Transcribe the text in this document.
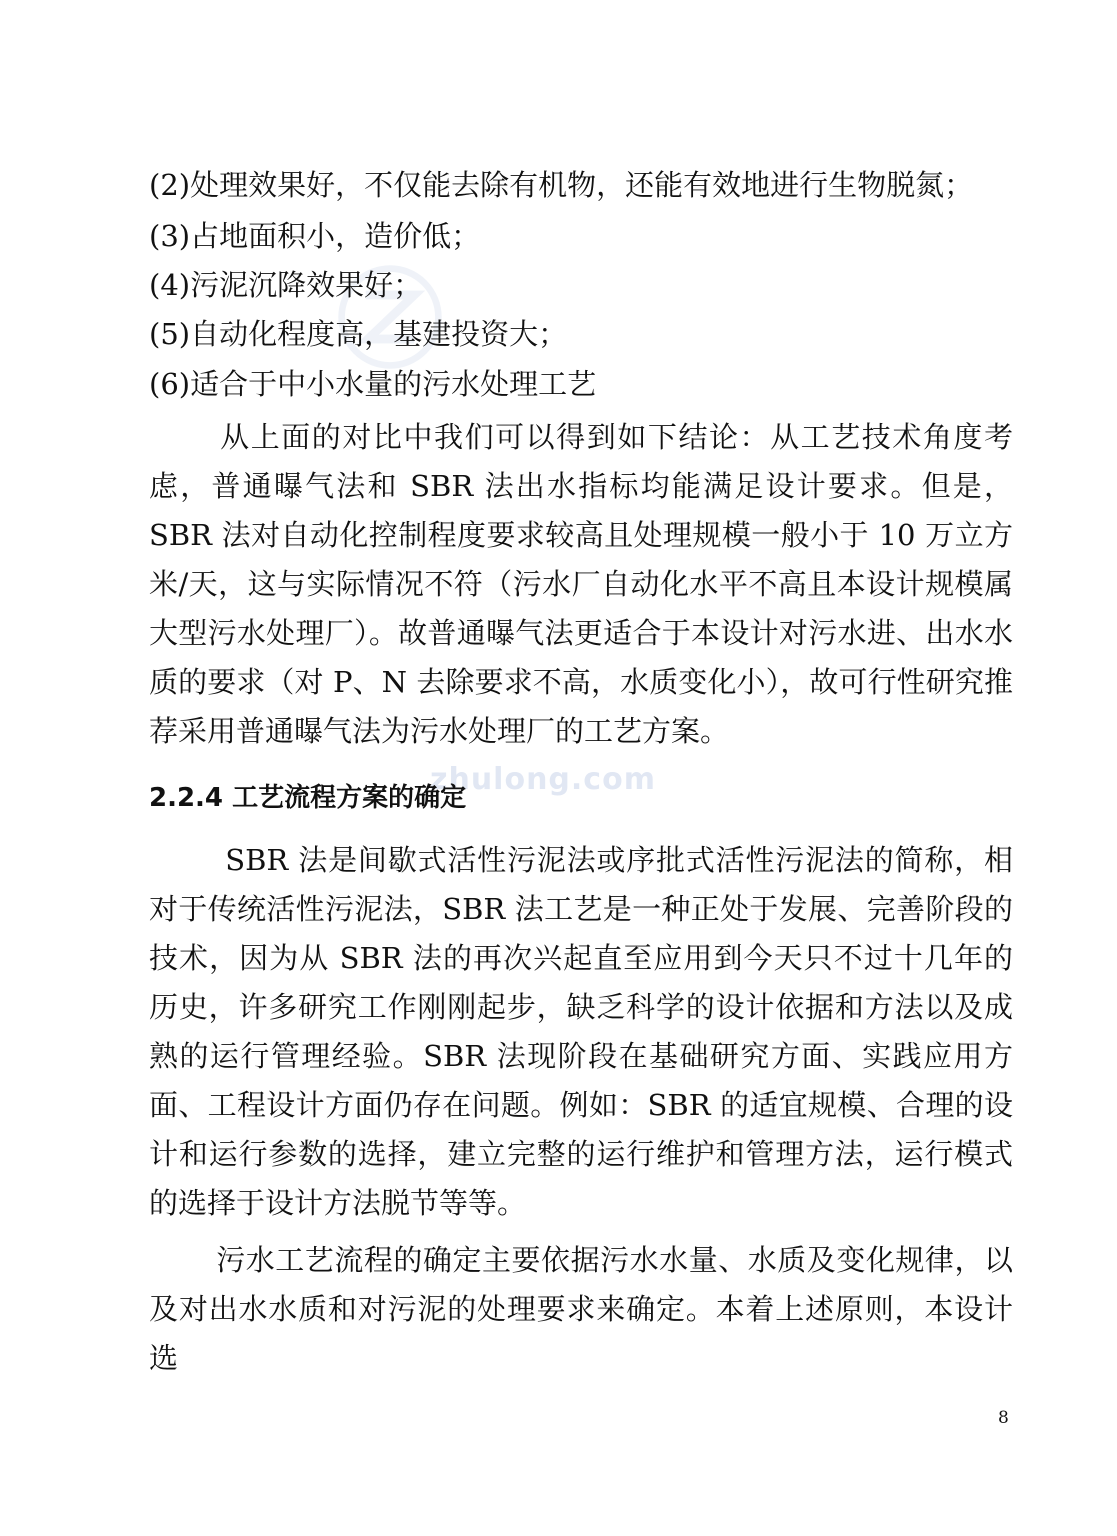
zhulong.com
(2)处理效果好，不仅能去除有机物，还能有效地进行生物脱氮；
(3)占地面积小，造价低；
(4)污泥沉降效果好；
(5)自动化程度高，基建投资大；
(6)适合于中小水量的污水处理工艺
　从上面的对比中我们可以得到如下结论：从工艺技术角度考虑，普通曝气法和 SBR 法出水指标均能满足设计要求。但是，SBR 法对自动化控制程度要求较高且处理规模一般小于 10 万立方米/天，这与实际情况不符（污水厂自动化水平不高且本设计规模属大型污水处理厂）。故普通曝气法更适合于本设计对污水进、出水水质的要求（对 P、N 去除要求不高，水质变化小），故可行性研究推荐采用普通曝气法为污水处理厂的工艺方案。
2.2.4 工艺流程方案的确定
　SBR 法是间歇式活性污泥法或序批式活性污泥法的简称，相对于传统活性污泥法，SBR 法工艺是一种正处于发展、完善阶段的技术，因为从 SBR 法的再次兴起直至应用到今天只不过十几年的历史，许多研究工作刚刚起步，缺乏科学的设计依据和方法以及成熟的运行管理经验。SBR 法现阶段在基础研究方面、实践应用方面、工程设计方面仍存在问题。例如：SBR 的适宜规模、合理的设计和运行参数的选择，建立完整的运行维护和管理方法，运行模式的选择于设计方法脱节等等。
　污水工艺流程的确定主要依据污水水量、水质及变化规律，以及对出水水质和对污泥的处理要求来确定。本着上述原则，本设计选
8
